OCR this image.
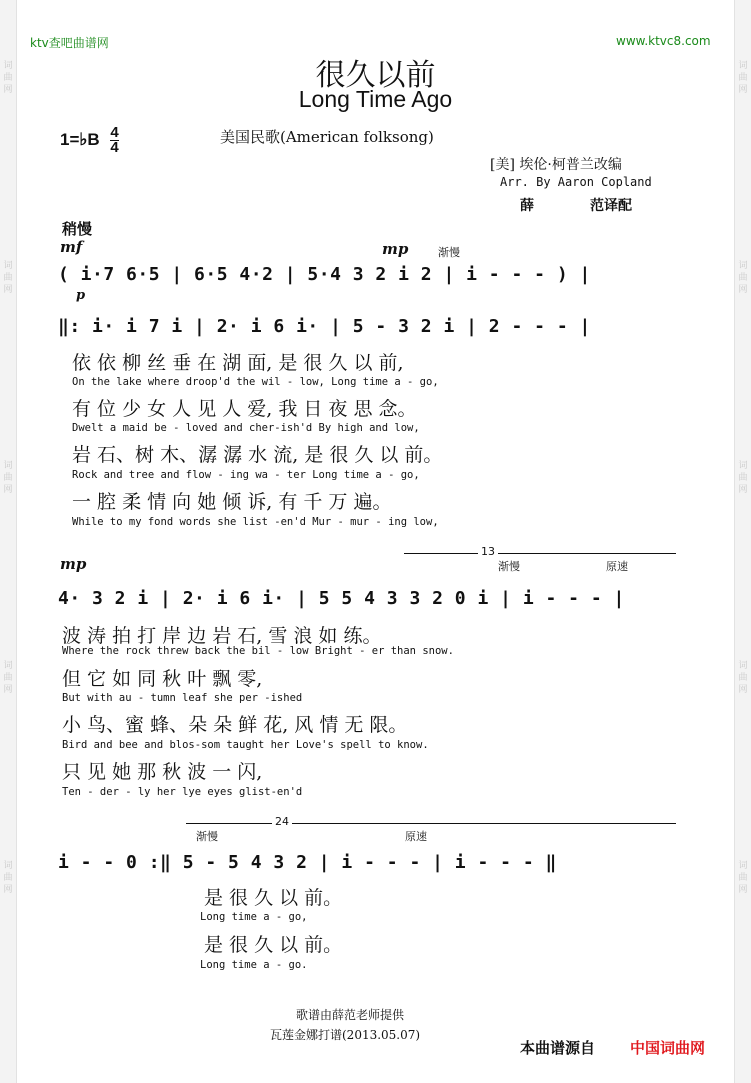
词曲网
词曲网
词曲网
词曲网
词曲网
词曲网
词曲网
词曲网
词曲网
词曲网
ktv查吧曲谱网	www.ktvc8.com
很久以前
Long Time Ago
1=♭B $\frac{4}{4}$	美国民歌(American folksong)
[美] 埃伦·柯普兰改编
Arr. By Aaron Copland
薛	范译配
稍慢
mf	mp	渐慢
( i·7 6·5 | 6·5 4·2 | 5·4 3 2 i 2 | i - - - ) |
p
‖: i· i 7 i | 2· i 6 i· | 5 - 3 2 i | 2 - - - |
依 依 柳 丝 垂 在 湖 面, 是 很 久 以 前,
On the lake where droop'd the wil - low, Long time a - go,
有 位 少 女 人 见 人 爱, 我 日 夜 思 念。
Dwelt a maid be - loved and cher-ish'd By high and low,
岩 石、树 木、潺 潺 水 流, 是 很 久 以 前。
Rock and tree and flow - ing wa - ter Long time a - go,
一 腔 柔 情 向 她 倾 诉, 有 千 万 遍。
While to my fond words she list -en'd Mur - mur - ing low,
mp
13
渐慢	原速
4· 3 2 i | 2· i 6 i· | 5 5 4 3 3 2 0 i | i - - - |
波 涛 拍 打 岸 边 岩 石, 雪 浪 如 练。
Where the rock threw back the bil - low Bright - er than snow.
但 它 如 同 秋 叶 飘 零,
But with au - tumn leaf she per -ished
小 鸟、蜜 蜂、朵 朵 鲜 花, 风 情 无 限。
Bird and bee and blos-som taught her Love's spell to know.
只 见 她 那 秋 波 一 闪,
Ten - der - ly her lye eyes glist-en'd
24
渐慢	原速
i - - 0 :‖ 5 - 5 4 3 2 | i - - - | i - - - ‖
是 很 久 以 前。
Long time a - go,
是 很 久 以 前。
Long time a - go.
歌谱由薛范老师提供
瓦莲金娜打谱(2013.05.07)
本曲谱源自 中国词曲网
